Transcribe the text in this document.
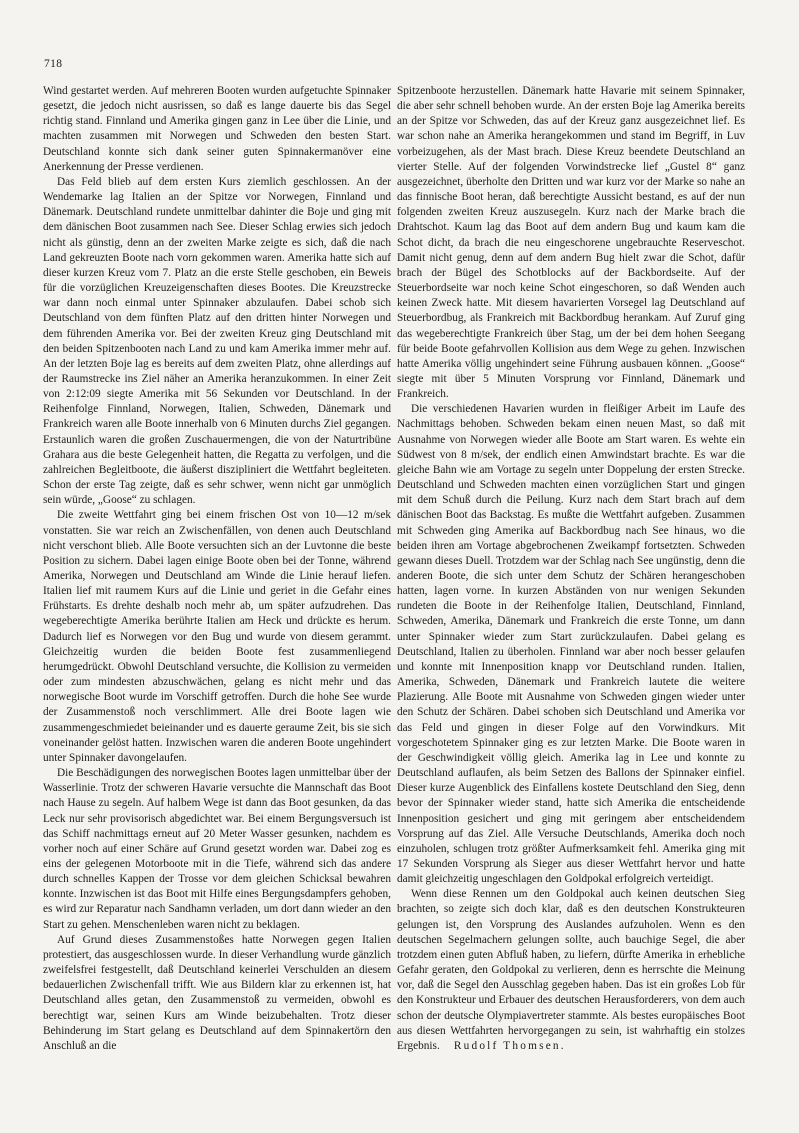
718

Wind gestartet werden. Auf mehreren Booten wurden aufgetuchte Spinnaker gesetzt, die jedoch nicht ausrissen, so daß es lange dauerte bis das Segel richtig stand. Finnland und Amerika gingen ganz in Lee über die Linie, und machten zusammen mit Norwegen und Schweden den besten Start. Deutschland konnte sich dank seiner guten Spinnakermanöver eine Anerkennung der Presse verdienen.

Das Feld blieb auf dem ersten Kurs ziemlich geschlossen. An der Wendemarke lag Italien an der Spitze vor Norwegen, Finnland und Dänemark. Deutschland rundete unmittelbar dahinter die Boje und ging mit dem dänischen Boot zusammen nach See. Dieser Schlag erwies sich jedoch nicht als günstig, denn an der zweiten Marke zeigte es sich, daß die nach Land gekreuzten Boote nach vorn gekommen waren. Amerika hatte sich auf dieser kurzen Kreuz vom 7. Platz an die erste Stelle geschoben, ein Beweis für die vorzüglichen Kreuzeigenschaften dieses Bootes. Die Kreuzstrecke war dann noch einmal unter Spinnaker abzulaufen. Dabei schob sich Deutschland von dem fünften Platz auf den dritten hinter Norwegen und dem führenden Amerika vor. Bei der zweiten Kreuz ging Deutschland mit den beiden Spitzenbooten nach Land zu und kam Amerika immer mehr auf. An der letzten Boje lag es bereits auf dem zweiten Platz, ohne allerdings auf der Raumstrecke ins Ziel näher an Amerika heranzukommen. In einer Zeit von 2:12:09 siegte Amerika mit 56 Sekunden vor Deutschland. In der Reihenfolge Finnland, Norwegen, Italien, Schweden, Dänemark und Frankreich waren alle Boote innerhalb von 6 Minuten durchs Ziel gegangen. Erstaunlich waren die großen Zuschauermengen, die von der Naturtribüne Grahara aus die beste Gelegenheit hatten, die Regatta zu verfolgen, und die zahlreichen Begleitboote, die äußerst diszipliniert die Wettfahrt begleiteten. Schon der erste Tag zeigte, daß es sehr schwer, wenn nicht gar unmöglich sein würde, „Goose“ zu schlagen.

Die zweite Wettfahrt ging bei einem frischen Ost von 10—12 m/sek vonstatten. Sie war reich an Zwischenfällen, von denen auch Deutschland nicht verschont blieb. Alle Boote versuchten sich an der Luvtonne die beste Position zu sichern. Dabei lagen einige Boote oben bei der Tonne, während Amerika, Norwegen und Deutschland am Winde die Linie herauf liefen. Italien lief mit raumem Kurs auf die Linie und geriet in die Gefahr eines Frühstarts. Es drehte deshalb noch mehr ab, um später aufzudrehen. Das wegeberechtigte Amerika berührte Italien am Heck und drückte es herum. Dadurch lief es Norwegen vor den Bug und wurde von diesem gerammt. Gleichzeitig wurden die beiden Boote fest zusammenliegend herumgedrückt. Obwohl Deutschland versuchte, die Kollision zu vermeiden oder zum mindesten abzuschwächen, gelang es nicht mehr und das norwegische Boot wurde im Vorschiff getroffen. Durch die hohe See wurde der Zusammenstoß noch verschlimmert. Alle drei Boote lagen wie zusammengeschmiedet beieinander und es dauerte geraume Zeit, bis sie sich voneinander gelöst hatten. Inzwischen waren die anderen Boote ungehindert unter Spinnaker davongelaufen.

Die Beschädigungen des norwegischen Bootes lagen unmittelbar über der Wasserlinie. Trotz der schweren Havarie versuchte die Mannschaft das Boot nach Hause zu segeln. Auf halbem Wege ist dann das Boot gesunken, da das Leck nur sehr provisorisch abgedichtet war. Bei einem Bergungsversuch ist das Schiff nachmittags erneut auf 20 Meter Wasser gesunken, nachdem es vorher noch auf einer Schäre auf Grund gesetzt worden war. Dabei zog es eins der gelegenen Motorboote mit in die Tiefe, während sich das andere durch schnelles Kappen der Trosse vor dem gleichen Schicksal bewahren konnte. Inzwischen ist das Boot mit Hilfe eines Bergungsdampfers gehoben, es wird zur Reparatur nach Sandhamn verladen, um dort dann wieder an den Start zu gehen. Menschenleben waren nicht zu beklagen.

Auf Grund dieses Zusammenstoßes hatte Norwegen gegen Italien protestiert, das ausgeschlossen wurde. In dieser Verhandlung wurde gänzlich zweifelsfrei festgestellt, daß Deutschland keinerlei Verschulden an diesem bedauerlichen Zwischenfall trifft. Wie aus Bildern klar zu erkennen ist, hat Deutschland alles getan, den Zusammenstoß zu vermeiden, obwohl es berechtigt war, seinen Kurs am Winde beizubehalten. Trotz dieser Behinderung im Start gelang es Deutschland auf dem Spinnakertörn den Anschluß an die

Spitzenboote herzustellen. Dänemark hatte Havarie mit seinem Spinnaker, die aber sehr schnell behoben wurde. An der ersten Boje lag Amerika bereits an der Spitze vor Schweden, das auf der Kreuz ganz ausgezeichnet lief. Es war schon nahe an Amerika herangekommen und stand im Begriff, in Luv vorbeizugehen, als der Mast brach. Diese Kreuz beendete Deutschland an vierter Stelle. Auf der folgenden Vorwindstrecke lief „Gustel 8“ ganz ausgezeichnet, überholte den Dritten und war kurz vor der Marke so nahe an das finnische Boot heran, daß berechtigte Aussicht bestand, es auf der nun folgenden zweiten Kreuz auszusegeln. Kurz nach der Marke brach die Drahtschot. Kaum lag das Boot auf dem andern Bug und kaum kam die Schot dicht, da brach die neu eingeschorene ungebrauchte Reserveschot. Damit nicht genug, denn auf dem andern Bug hielt zwar die Schot, dafür brach der Bügel des Schotblocks auf der Backbordseite. Auf der Steuerbordseite war noch keine Schot eingeschoren, so daß Wenden auch keinen Zweck hatte. Mit diesem havarierten Vorsegel lag Deutschland auf Steuerbordbug, als Frankreich mit Backbordbug herankam. Auf Zuruf ging das wegeberechtigte Frankreich über Stag, um der bei dem hohen Seegang für beide Boote gefahrvollen Kollision aus dem Wege zu gehen. Inzwischen hatte Amerika völlig ungehindert seine Führung ausbauen können. „Goose“ siegte mit über 5 Minuten Vorsprung vor Finnland, Dänemark und Frankreich.

Die verschiedenen Havarien wurden in fleißiger Arbeit im Laufe des Nachmittags behoben. Schweden bekam einen neuen Mast, so daß mit Ausnahme von Norwegen wieder alle Boote am Start waren. Es wehte ein Südwest von 8 m/sek, der endlich einen Amwindstart brachte. Es war die gleiche Bahn wie am Vortage zu segeln unter Doppelung der ersten Strecke. Deutschland und Schweden machten einen vorzüglichen Start und gingen mit dem Schuß durch die Peilung. Kurz nach dem Start brach auf dem dänischen Boot das Backstag. Es mußte die Wettfahrt aufgeben. Zusammen mit Schweden ging Amerika auf Backbordbug nach See hinaus, wo die beiden ihren am Vortage abgebrochenen Zweikampf fortsetzten. Schweden gewann dieses Duell. Trotzdem war der Schlag nach See ungünstig, denn die anderen Boote, die sich unter dem Schutz der Schären herangeschoben hatten, lagen vorne. In kurzen Abständen von nur wenigen Sekunden rundeten die Boote in der Reihenfolge Italien, Deutschland, Finnland, Schweden, Amerika, Dänemark und Frankreich die erste Tonne, um dann unter Spinnaker wieder zum Start zurückzulaufen. Dabei gelang es Deutschland, Italien zu überholen. Finnland war aber noch besser gelaufen und konnte mit Innenposition knapp vor Deutschland runden. Italien, Amerika, Schweden, Dänemark und Frankreich lautete die weitere Plazierung. Alle Boote mit Ausnahme von Schweden gingen wieder unter den Schutz der Schären. Dabei schoben sich Deutschland und Amerika vor das Feld und gingen in dieser Folge auf den Vorwindkurs. Mit vorgeschotetem Spinnaker ging es zur letzten Marke. Die Boote waren in der Geschwindigkeit völlig gleich. Amerika lag in Lee und konnte zu Deutschland auflaufen, als beim Setzen des Ballons der Spinnaker einfiel. Dieser kurze Augenblick des Einfallens kostete Deutschland den Sieg, denn bevor der Spinnaker wieder stand, hatte sich Amerika die entscheidende Innenposition gesichert und ging mit geringem aber entscheidendem Vorsprung auf das Ziel. Alle Versuche Deutschlands, Amerika doch noch einzuholen, schlugen trotz größter Aufmerksamkeit fehl. Amerika ging mit 17 Sekunden Vorsprung als Sieger aus dieser Wettfahrt hervor und hatte damit gleichzeitig ungeschlagen den Goldpokal erfolgreich verteidigt.

Wenn diese Rennen um den Goldpokal auch keinen deutschen Sieg brachten, so zeigte sich doch klar, daß es den deutschen Konstrukteuren gelungen ist, den Vorsprung des Auslandes aufzuholen. Wenn es den deutschen Segelmachern gelungen sollte, auch bauchige Segel, die aber trotzdem einen guten Abfluß haben, zu liefern, dürfte Amerika in erhebliche Gefahr geraten, den Goldpokal zu verlieren, denn es herrschte die Meinung vor, daß die Segel den Ausschlag gegeben haben. Das ist ein großes Lob für den Konstrukteur und Erbauer des deutschen Herausforderers, von dem auch schon der deutsche Olympiavertreter stammte. Als bestes europäisches Boot aus diesen Wettfahrten hervorgegangen zu sein, ist wahrhaftig ein stolzes Ergebnis.   Rudolf Thomsen.
